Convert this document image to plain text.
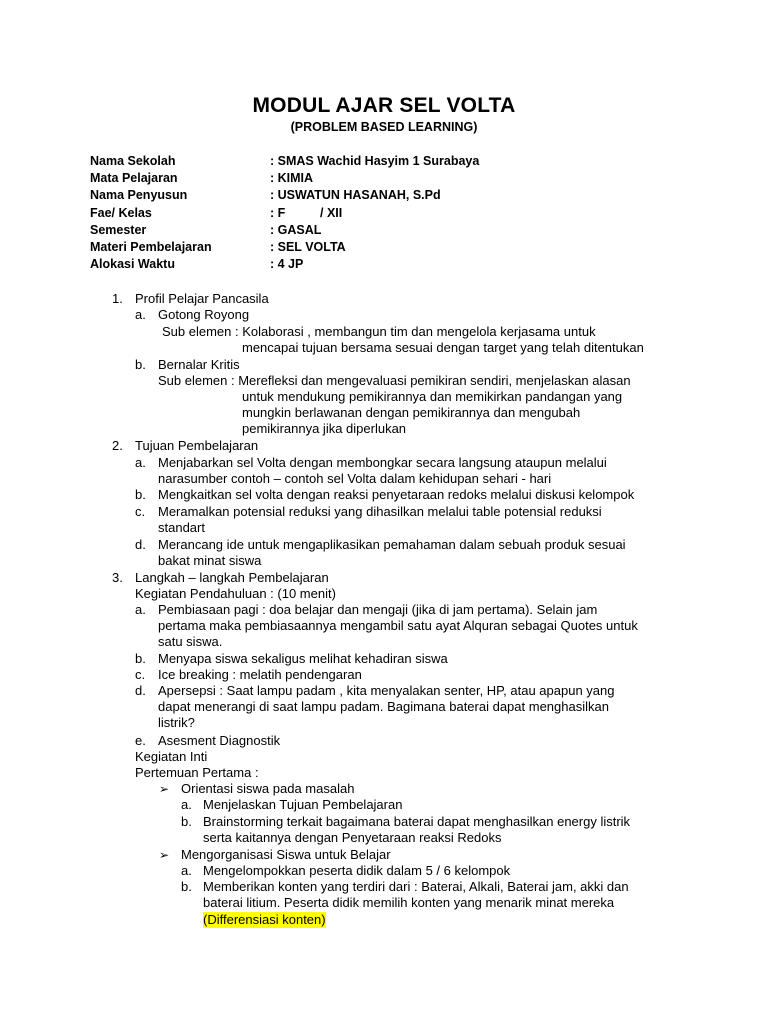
MODUL AJAR SEL VOLTA
(PROBLEM BASED LEARNING)
Nama Sekolah	: SMAS Wachid Hasyim 1 Surabaya
Mata Pelajaran	: KIMIA
Nama Penyusun	: USWATUN HASANAH, S.Pd
Fae/ Kelas	: F          / XII
Semester	: GASAL
Materi Pembelajaran	: SEL VOLTA
Alokasi Waktu	: 4 JP
1. Profil Pelajar Pancasila
a. Gotong Royong
Sub elemen : Kolaborasi , membangun tim dan mengelola kerjasama untuk
mencapai tujuan bersama sesuai dengan target yang telah ditentukan
b. Bernalar Kritis
Sub elemen : Merefleksi dan mengevaluasi pemikiran sendiri, menjelaskan alasan
untuk mendukung pemikirannya dan memikirkan pandangan yang
mungkin berlawanan dengan pemikirannya dan mengubah
pemikirannya jika diperlukan
2. Tujuan Pembelajaran
a. Menjabarkan sel Volta dengan membongkar secara langsung ataupun melalui
narasumber contoh – contoh sel Volta dalam kehidupan sehari - hari
b. Mengkaitkan sel volta dengan reaksi penyetaraan redoks melalui diskusi kelompok
c. Meramalkan potensial reduksi yang dihasilkan melalui table potensial reduksi
standart
d. Merancang ide untuk mengaplikasikan pemahaman dalam sebuah produk sesuai
bakat minat siswa
3. Langkah – langkah Pembelajaran
Kegiatan Pendahuluan : (10 menit)
a. Pembiasaan pagi : doa belajar dan mengaji (jika di jam pertama). Selain jam
pertama maka pembiasaannya mengambil satu ayat Alquran sebagai Quotes untuk
satu siswa.
b. Menyapa siswa sekaligus melihat kehadiran siswa
c. Ice breaking : melatih pendengaran
d. Apersepsi : Saat lampu padam , kita menyalakan senter, HP, atau apapun yang
dapat menerangi di saat lampu padam. Bagimana baterai dapat menghasilkan
listrik?
e. Asesment Diagnostik
Kegiatan Inti
Pertemuan Pertama :
➢ Orientasi siswa pada masalah
a. Menjelaskan Tujuan Pembelajaran
b. Brainstorming terkait bagaimana baterai dapat menghasilkan energy listrik
serta kaitannya dengan Penyetaraan reaksi Redoks
➢ Mengorganisasi Siswa untuk Belajar
a. Mengelompokkan peserta didik dalam 5 / 6 kelompok
b. Memberikan konten yang terdiri dari : Baterai, Alkali, Baterai jam, akki dan
baterai litium. Peserta didik memilih konten yang menarik minat mereka
(Differensiasi konten)
